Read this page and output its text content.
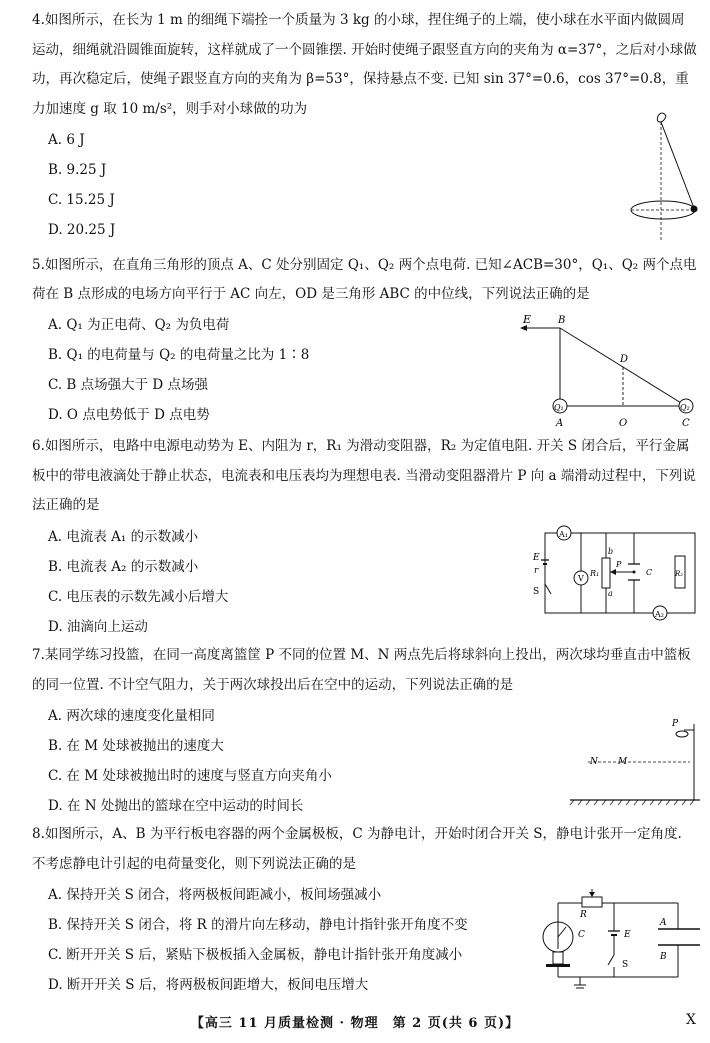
4.如图所示，在长为 1 m 的细绳下端拴一个质量为 3 kg 的小球，捏住绳子的上端，使小球在水平面内做圆周运动，细绳就沿圆锥面旋转，这样就成了一个圆锥摆. 开始时使绳子跟竖直方向的夹角为 α=37°，之后对小球做功，再次稳定后，使绳子跟竖直方向的夹角为 β=53°，保持悬点不变. 已知 sin 37°=0.6，cos 37°=0.8，重力加速度 g 取 10 m/s²，则手对小球做的功为
A. 6 J
B. 9.25 J
C. 15.25 J
D. 20.25 J
5.如图所示，在直角三角形的顶点 A、C 处分别固定 Q₁、Q₂ 两个点电荷. 已知∠ACB=30°，Q₁、Q₂ 两个点电荷在 B 点形成的电场方向平行于 AC 向左，OD 是三角形 ABC 的中位线，下列说法正确的是
A. Q₁ 为正电荷、Q₂ 为负电荷
B. Q₁ 的电荷量与 Q₂ 的电荷量之比为 1∶8
C. B 点场强大于 D 点场强
D. O 点电势低于 D 点电势
E	B
D
Q₁	Q₂
A	O	C
6.如图所示，电路中电源电动势为 E、内阻为 r，R₁ 为滑动变阻器，R₂ 为定值电阻. 开关 S 闭合后，平行金属板中的带电液滴处于静止状态，电流表和电压表均为理想电表. 当滑动变阻器滑片 P 向 a 端滑动过程中，下列说法正确的是
A. 电流表 A₁ 的示数减小
B. 电流表 A₂ 的示数减小
C. 电压表的示数先减小后增大
D. 油滴向上运动
A₁
E
r
S
V
R₁
b
a
P
C	R₂
A₂
7.某同学练习投篮，在同一高度离篮筐 P 不同的位置 M、N 两点先后将球斜向上投出，两次球均垂直击中篮板的同一位置. 不计空气阻力，关于两次球投出后在空中的运动，下列说法正确的是
A. 两次球的速度变化量相同
B. 在 M 处球被抛出的速度大
C. 在 M 处球被抛出时的速度与竖直方向夹角小
D. 在 N 处抛出的篮球在空中运动的时间长
P
N M
8.如图所示，A、B 为平行板电容器的两个金属极板，C 为静电计，开始时闭合开关 S，静电计张开一定角度. 不考虑静电计引起的电荷量变化，则下列说法正确的是
A. 保持开关 S 闭合，将两极板间距减小，板间场强减小
B. 保持开关 S 闭合，将 R 的滑片向左移动，静电计指针张开角度不变
C. 断开开关 S 后，紧贴下极板插入金属板，静电计指针张开角度减小
D. 断开开关 S 后，将两极板间距增大，板间电压增大
C
R
A
B
E
S
【高三 11 月质量检测 · 物理　第 2 页(共 6 页)】	X
